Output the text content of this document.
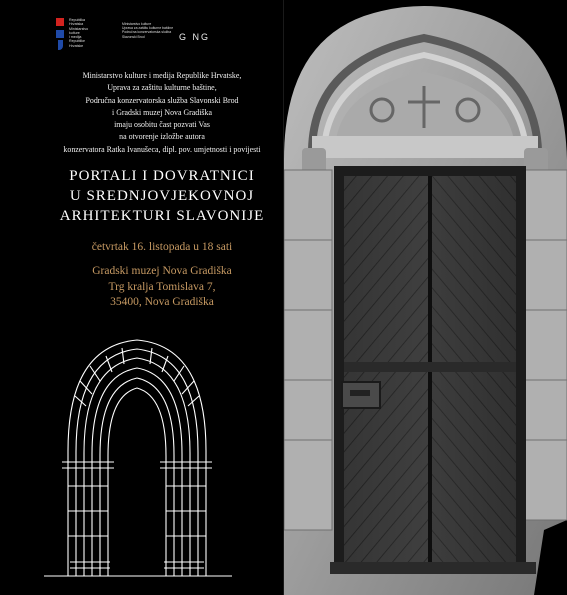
Republika
Hrvatska
Ministarstvo
kulture
i medija
Republike
Hrvatske
Ministarstvo kulture
Uprava za zaštitu kulturne baštine
Područna konzervatorska služba
Slavonski Brod	G NG
Ministarstvo kulture i medija Republike Hrvatske,
Uprava za zaštitu kulturne baštine,
Područna konzervatorska služba Slavonski Brod
i Gradski muzej Nova Gradiška
imaju osobitu čast pozvati Vas
na otvorenje izložbe autora
konzervatora Ratka Ivanušeca, dipl. pov. umjetnosti i povijesti
PORTALI I DOVRATNICI
U SREDNJOVJEKOVNOJ
ARHITEKTURI SLAVONIJE
četvrtak 16. listopada u 18 sati
Gradski muzej Nova Gradiška
Trg kralja Tomislava 7,
35400, Nova Gradiška
